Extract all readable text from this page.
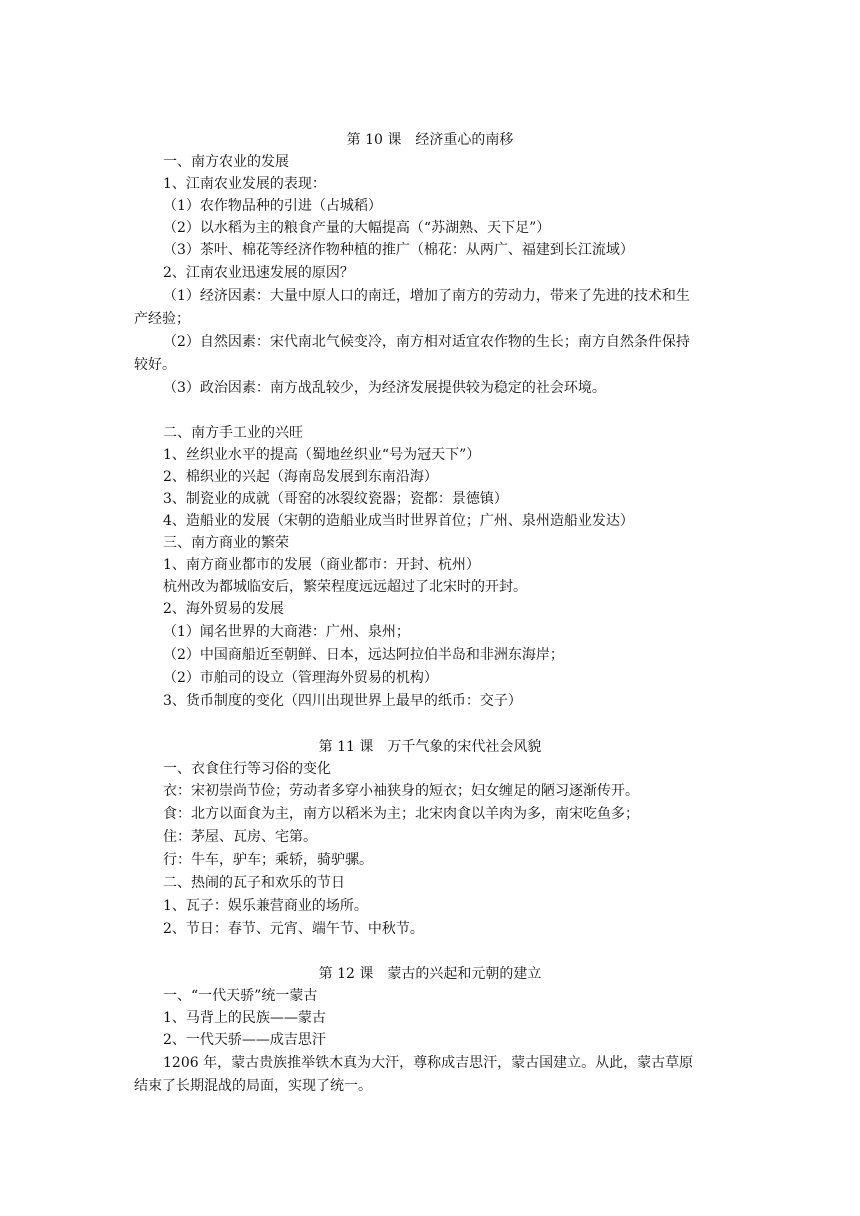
第 10 课　经济重心的南移
一、南方农业的发展
1、江南农业发展的表现：
（1）农作物品种的引进（占城稻）
（2）以水稻为主的粮食产量的大幅提高（“苏湖熟、天下足”）
（3）茶叶、棉花等经济作物种植的推广（棉花：从两广、福建到长江流域）
2、江南农业迅速发展的原因？
（1）经济因素：大量中原人口的南迁，增加了南方的劳动力，带来了先进的技术和生
产经验；
（2）自然因素：宋代南北气候变冷，南方相对适宜农作物的生长；南方自然条件保持
较好。
（3）政治因素：南方战乱较少，为经济发展提供较为稳定的社会环境。
二、南方手工业的兴旺
1、丝织业水平的提高（蜀地丝织业“号为冠天下”）
2、棉织业的兴起（海南岛发展到东南沿海）
3、制瓷业的成就（哥窑的冰裂纹瓷器；瓷都：景德镇）
4、造船业的发展（宋朝的造船业成当时世界首位；广州、泉州造船业发达）
三、南方商业的繁荣
1、南方商业都市的发展（商业都市：开封、杭州）
杭州改为都城临安后，繁荣程度远远超过了北宋时的开封。
2、海外贸易的发展
（1）闻名世界的大商港：广州、泉州；
（2）中国商船近至朝鲜、日本，远达阿拉伯半岛和非洲东海岸；
（2）市舶司的设立（管理海外贸易的机构）
3、货币制度的变化（四川出现世界上最早的纸币：交子）
第 11 课　万千气象的宋代社会风貌
一、衣食住行等习俗的变化
衣：宋初崇尚节俭；劳动者多穿小袖狭身的短衣；妇女缠足的陋习逐渐传开。
食：北方以面食为主，南方以稻米为主；北宋肉食以羊肉为多，南宋吃鱼多；
住：茅屋、瓦房、宅第。
行：牛车，驴车；乘轿，骑驴骡。
二、热闹的瓦子和欢乐的节日
1、瓦子：娱乐兼营商业的场所。
2、节日：春节、元宵、端午节、中秋节。
第 12 课　蒙古的兴起和元朝的建立
一、“一代天骄”统一蒙古
1、马背上的民族——蒙古
2、一代天骄——成吉思汗
1206 年，蒙古贵族推举铁木真为大汗，尊称成吉思汗，蒙古国建立。从此，蒙古草原
结束了长期混战的局面，实现了统一。
